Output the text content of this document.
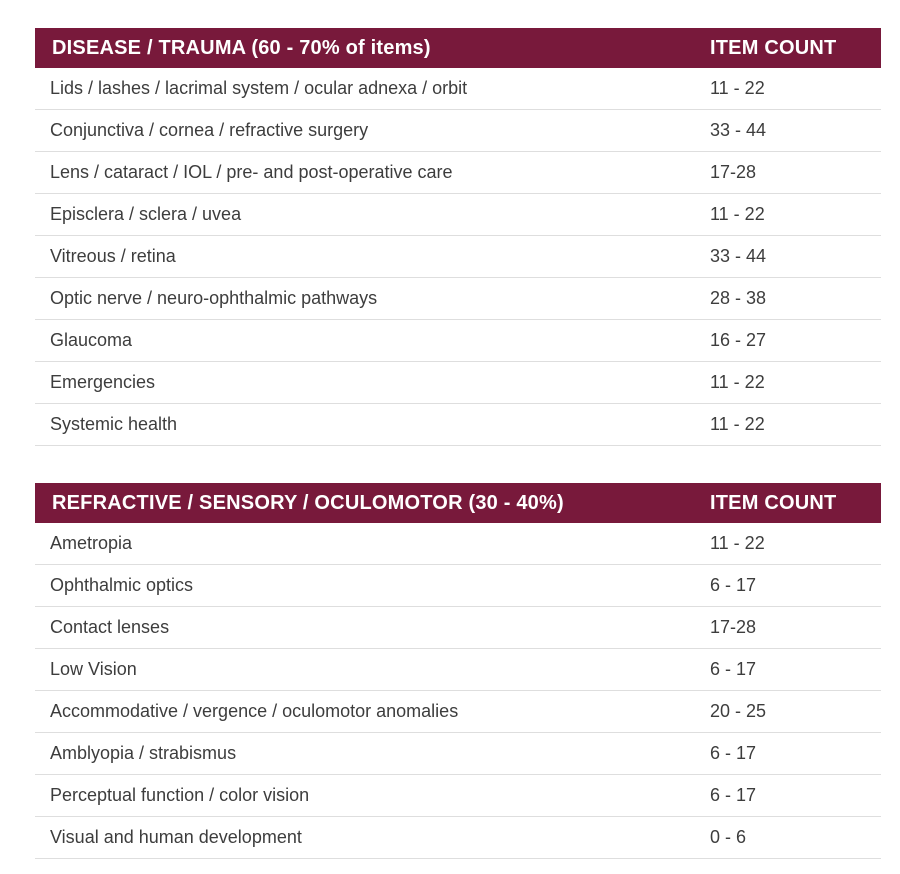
DISEASE / TRAUMA (60 - 70% of items)	ITEM COUNT
Lids / lashes / lacrimal system / ocular adnexa / orbit	11 - 22
Conjunctiva / cornea / refractive surgery	33 - 44
Lens / cataract / IOL / pre- and post-operative care	17-28
Episclera / sclera / uvea	11 - 22
Vitreous / retina	33 - 44
Optic nerve / neuro-ophthalmic pathways	28 - 38
Glaucoma	16 - 27
Emergencies	11 - 22
Systemic health	11 - 22
REFRACTIVE / SENSORY / OCULOMOTOR (30 - 40%)	ITEM COUNT
Ametropia	11 - 22
Ophthalmic optics	6 - 17
Contact lenses	17-28
Low Vision	6 - 17
Accommodative / vergence / oculomotor anomalies	20 - 25
Amblyopia / strabismus	6 - 17
Perceptual function / color vision	6 - 17
Visual and human development	0 - 6
